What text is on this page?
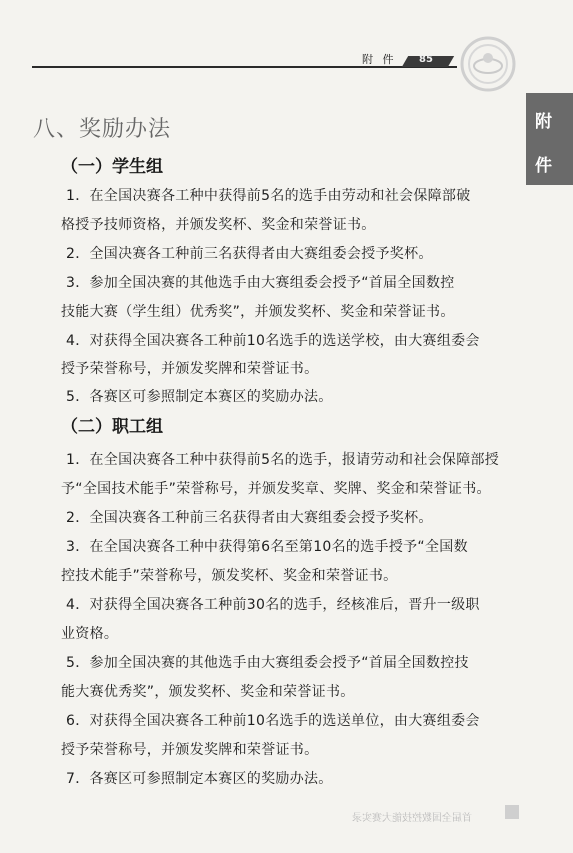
附 件 85
附
件
八、奖励办法
（一）学生组
1．在全国决赛各工种中获得前5名的选手由劳动和社会保障部破
格授予技师资格，并颁发奖杯、奖金和荣誉证书。
2．全国决赛各工种前三名获得者由大赛组委会授予奖杯。
3．参加全国决赛的其他选手由大赛组委会授予“首届全国数控
技能大赛（学生组）优秀奖”，并颁发奖杯、奖金和荣誉证书。
4．对获得全国决赛各工种前10名选手的选送学校，由大赛组委会
授予荣誉称号，并颁发奖牌和荣誉证书。
5．各赛区可参照制定本赛区的奖励办法。
（二）职工组
1．在全国决赛各工种中获得前5名的选手，报请劳动和社会保障部授
予“全国技术能手”荣誉称号，并颁发奖章、奖牌、奖金和荣誉证书。
2．全国决赛各工种前三名获得者由大赛组委会授予奖杯。
3．在全国决赛各工种中获得第6名至第10名的选手授予“全国数
控技术能手”荣誉称号，颁发奖杯、奖金和荣誉证书。
4．对获得全国决赛各工种前30名的选手，经核准后，晋升一级职
业资格。
5．参加全国决赛的其他选手由大赛组委会授予“首届全国数控技
能大赛优秀奖”，颁发奖杯、奖金和荣誉证书。
6．对获得全国决赛各工种前10名选手的选送单位，由大赛组委会
授予荣誉称号，并颁发奖牌和荣誉证书。
7．各赛区可参照制定本赛区的奖励办法。
首届全国数控技能大赛实录
